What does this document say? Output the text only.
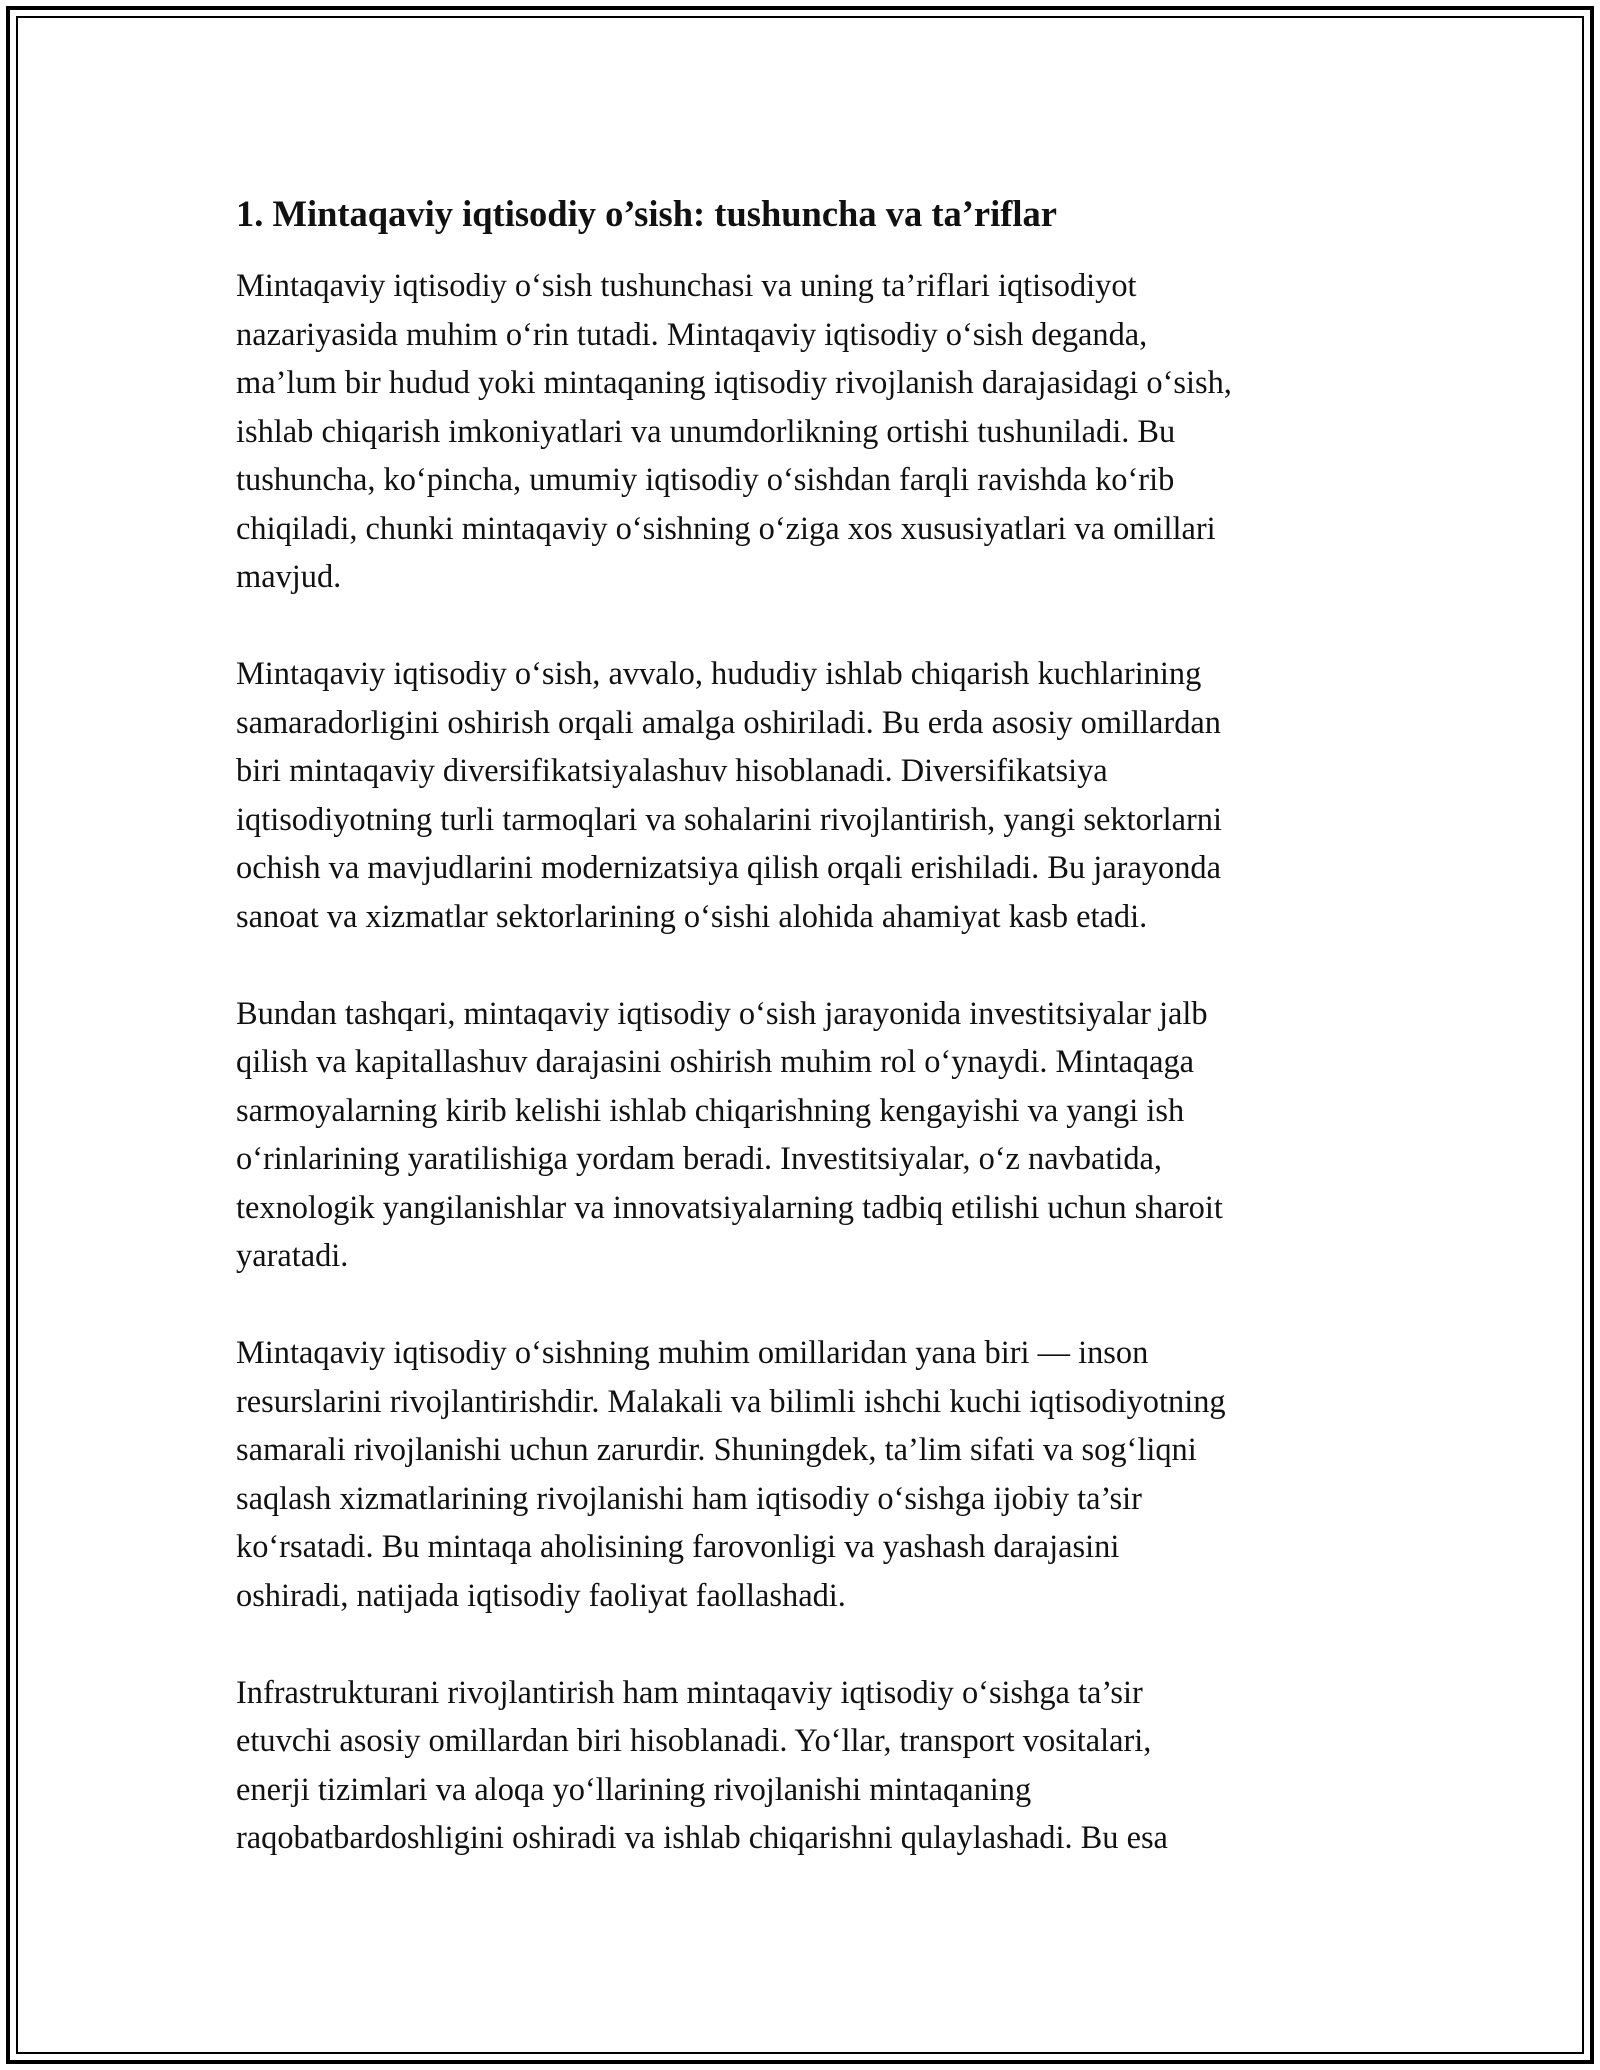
1. Mintaqaviy iqtisodiy o’sish: tushuncha va ta’riflar

Mintaqaviy iqtisodiy o‘sish tushunchasi va uning ta’riflari iqtisodiyot
nazariyasida muhim o‘rin tutadi. Mintaqaviy iqtisodiy o‘sish deganda,
ma’lum bir hudud yoki mintaqaning iqtisodiy rivojlanish darajasidagi o‘sish,
ishlab chiqarish imkoniyatlari va unumdorlikning ortishi tushuniladi. Bu
tushuncha, ko‘pincha, umumiy iqtisodiy o‘sishdan farqli ravishda ko‘rib
chiqiladi, chunki mintaqaviy o‘sishning o‘ziga xos xususiyatlari va omillari
mavjud.

Mintaqaviy iqtisodiy o‘sish, avvalo, hududiy ishlab chiqarish kuchlarining
samaradorligini oshirish orqali amalga oshiriladi. Bu erda asosiy omillardan
biri mintaqaviy diversifikatsiyalashuv hisoblanadi. Diversifikatsiya
iqtisodiyotning turli tarmoqlari va sohalarini rivojlantirish, yangi sektorlarni
ochish va mavjudlarini modernizatsiya qilish orqali erishiladi. Bu jarayonda
sanoat va xizmatlar sektorlarining o‘sishi alohida ahamiyat kasb etadi.

Bundan tashqari, mintaqaviy iqtisodiy o‘sish jarayonida investitsiyalar jalb
qilish va kapitallashuv darajasini oshirish muhim rol o‘ynaydi. Mintaqaga
sarmoyalarning kirib kelishi ishlab chiqarishning kengayishi va yangi ish
o‘rinlarining yaratilishiga yordam beradi. Investitsiyalar, o‘z navbatida,
texnologik yangilanishlar va innovatsiyalarning tadbiq etilishi uchun sharoit
yaratadi.

Mintaqaviy iqtisodiy o‘sishning muhim omillaridan yana biri — inson
resurslarini rivojlantirishdir. Malakali va bilimli ishchi kuchi iqtisodiyotning
samarali rivojlanishi uchun zarurdir. Shuningdek, ta’lim sifati va sog‘liqni
saqlash xizmatlarining rivojlanishi ham iqtisodiy o‘sishga ijobiy ta’sir
ko‘rsatadi. Bu mintaqa aholisining farovonligi va yashash darajasini
oshiradi, natijada iqtisodiy faoliyat faollashadi.

Infrastrukturani rivojlantirish ham mintaqaviy iqtisodiy o‘sishga ta’sir
etuvchi asosiy omillardan biri hisoblanadi. Yo‘llar, transport vositalari,
enerji tizimlari va aloqa yo‘llarining rivojlanishi mintaqaning
raqobatbardoshligini oshiradi va ishlab chiqarishni qulaylashadi. Bu esa
